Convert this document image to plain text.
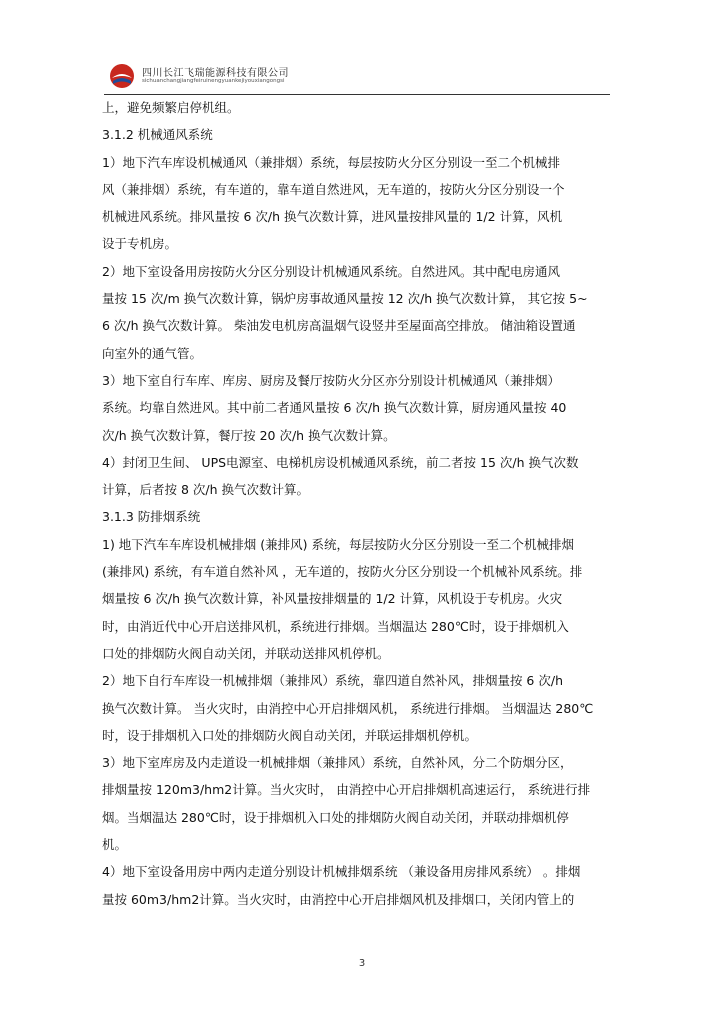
四川长江飞瑞能源科技有限公司
sichuanchangjiangfeiruinengyuankejiyouxiangongsi
上，避免频繁启停机组。
3.1.2 机械通风系统
1）地下汽车库设机械通风（兼排烟）系统，每层按防火分区分别设一至二个机械排
风（兼排烟）系统，有车道的，靠车道自然进风，无车道的，按防火分区分别设一个
机械进风系统。排风量按 6 次/h 换气次数计算，进风量按排风量的 1/2 计算，风机
设于专机房。
2）地下室设备用房按防火分区分别设计机械通风系统。自然进风。其中配电房通风
量按 15 次/m 换气次数计算，锅炉房事故通风量按 12 次/h 换气次数计算， 其它按 5~
6 次/h 换气次数计算。 柴油发电机房高温烟气设竖井至屋面高空排放。 储油箱设置通
向室外的通气管。
3）地下室自行车库、库房、厨房及餐厅按防火分区亦分别设计机械通风（兼排烟）
系统。均靠自然进风。其中前二者通风量按 6 次/h 换气次数计算，厨房通风量按 40
次/h 换气次数计算，餐厅按 20 次/h 换气次数计算。
4）封闭卫生间、 UPS电源室、电梯机房设机械通风系统，前二者按 15 次/h 换气次数
计算，后者按 8 次/h 换气次数计算。
3.1.3 防排烟系统
1) 地下汽车车库设机械排烟 (兼排风) 系统，每层按防火分区分别设一至二个机械排烟
(兼排风) 系统，有车道自然补风 ，无车道的，按防火分区分别设一个机械补风系统。排
烟量按 6 次/h 换气次数计算，补风量按排烟量的 1/2 计算，风机设于专机房。火灾
时，由消近代中心开启送排风机，系统进行排烟。当烟温达 280℃时，设于排烟机入
口处的排烟防火阀自动关闭，并联动送排风机停机。
2）地下自行车库设一机械排烟（兼排风）系统，靠四道自然补风，排烟量按 6 次/h
换气次数计算。 当火灾时，由消控中心开启排烟风机， 系统进行排烟。 当烟温达 280℃
时，设于排烟机入口处的排烟防火阀自动关闭，并联运排烟机停机。
3）地下室库房及内走道设一机械排烟（兼排风）系统，自然补风，分二个防烟分区，
排烟量按 120m3/hm2计算。当火灾时， 由消控中心开启排烟机高速运行， 系统进行排
烟。当烟温达 280℃时，设于排烟机入口处的排烟防火阀自动关闭，并联动排烟机停
机。
4）地下室设备用房中两内走道分别设计机械排烟系统 （兼设备用房排风系统） 。排烟
量按 60m3/hm2计算。当火灾时，由消控中心开启排烟风机及排烟口，关闭内管上的
3
